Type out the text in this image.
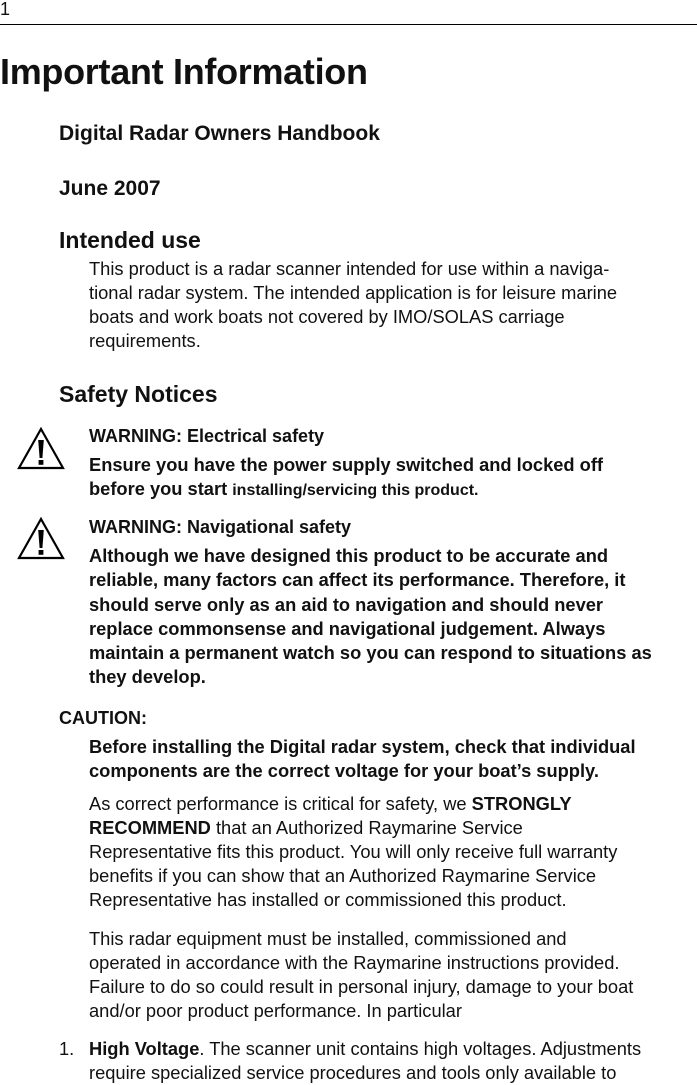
1
Important Information
Digital Radar Owners Handbook
June 2007
Intended use
This product is a radar scanner intended for use within a naviga-
tional radar system. The intended application is for leisure marine
boats and work boats not covered by IMO/SOLAS carriage
requirements.
Safety Notices
WARNING: Electrical safety
Ensure you have the power supply switched and locked off
before you start installing/servicing this product.
WARNING: Navigational safety
Although we have designed this product to be accurate and
reliable, many factors can affect its performance. Therefore, it
should serve only as an aid to navigation and should never
replace commonsense and navigational judgement. Always
maintain a permanent watch so you can respond to situations as
they develop.
CAUTION:
Before installing the Digital radar system, check that individual
components are the correct voltage for your boat’s supply.
As correct performance is critical for safety, we STRONGLY
RECOMMEND that an Authorized Raymarine Service
Representative fits this product. You will only receive full warranty
benefits if you can show that an Authorized Raymarine Service
Representative has installed or commissioned this product.
This radar equipment must be installed, commissioned and
operated in accordance with the Raymarine instructions provided.
Failure to do so could result in personal injury, damage to your boat
and/or poor product performance. In particular
1. High Voltage. The scanner unit contains high voltages. Adjustments
require specialized service procedures and tools only available to
